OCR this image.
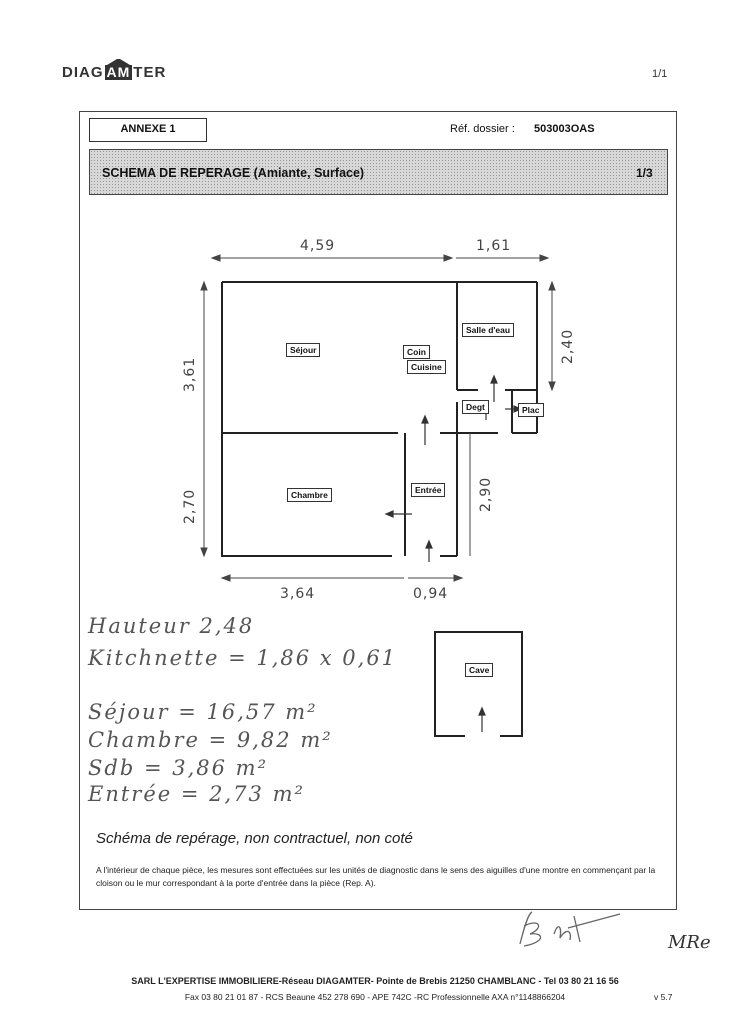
DIAG AM TER	1/1
ANNEXE 1	Réf. dossier : 503003OAS
SCHEMA DE REPERAGE (Amiante, Surface)	1/3
4,59	1,61
3,61
2,70
2,40
2,90
3,64	0,94
Séjour	Coin
Cuisine
Salle d'eau
Degt	Plac
Chambre	Entrée
Cave
Hauteur 2,48
Kitchnette = 1,86 x 0,61
Séjour = 16,57 m²
Chambre = 9,82 m²
Sdb = 3,86 m²
Entrée = 2,73 m²
Schéma de repérage, non contractuel, non coté
A l'intérieur de chaque pièce, les mesures sont effectuées sur les unités de diagnostic dans le sens des aiguilles d'une montre en commençant par la cloison ou le mur correspondant à la porte d'entrée dans la pièce (Rep. A).
MRe
SARL L'EXPERTISE IMMOBILIERE-Réseau DIAGAMTER- Pointe de Brebis 21250 CHAMBLANC - Tel 03 80 21 16 56
Fax 03 80 21 01 87 - RCS Beaune 452 278 690 - APE 742C -RC Professionnelle AXA n°1148866204	v 5.7
